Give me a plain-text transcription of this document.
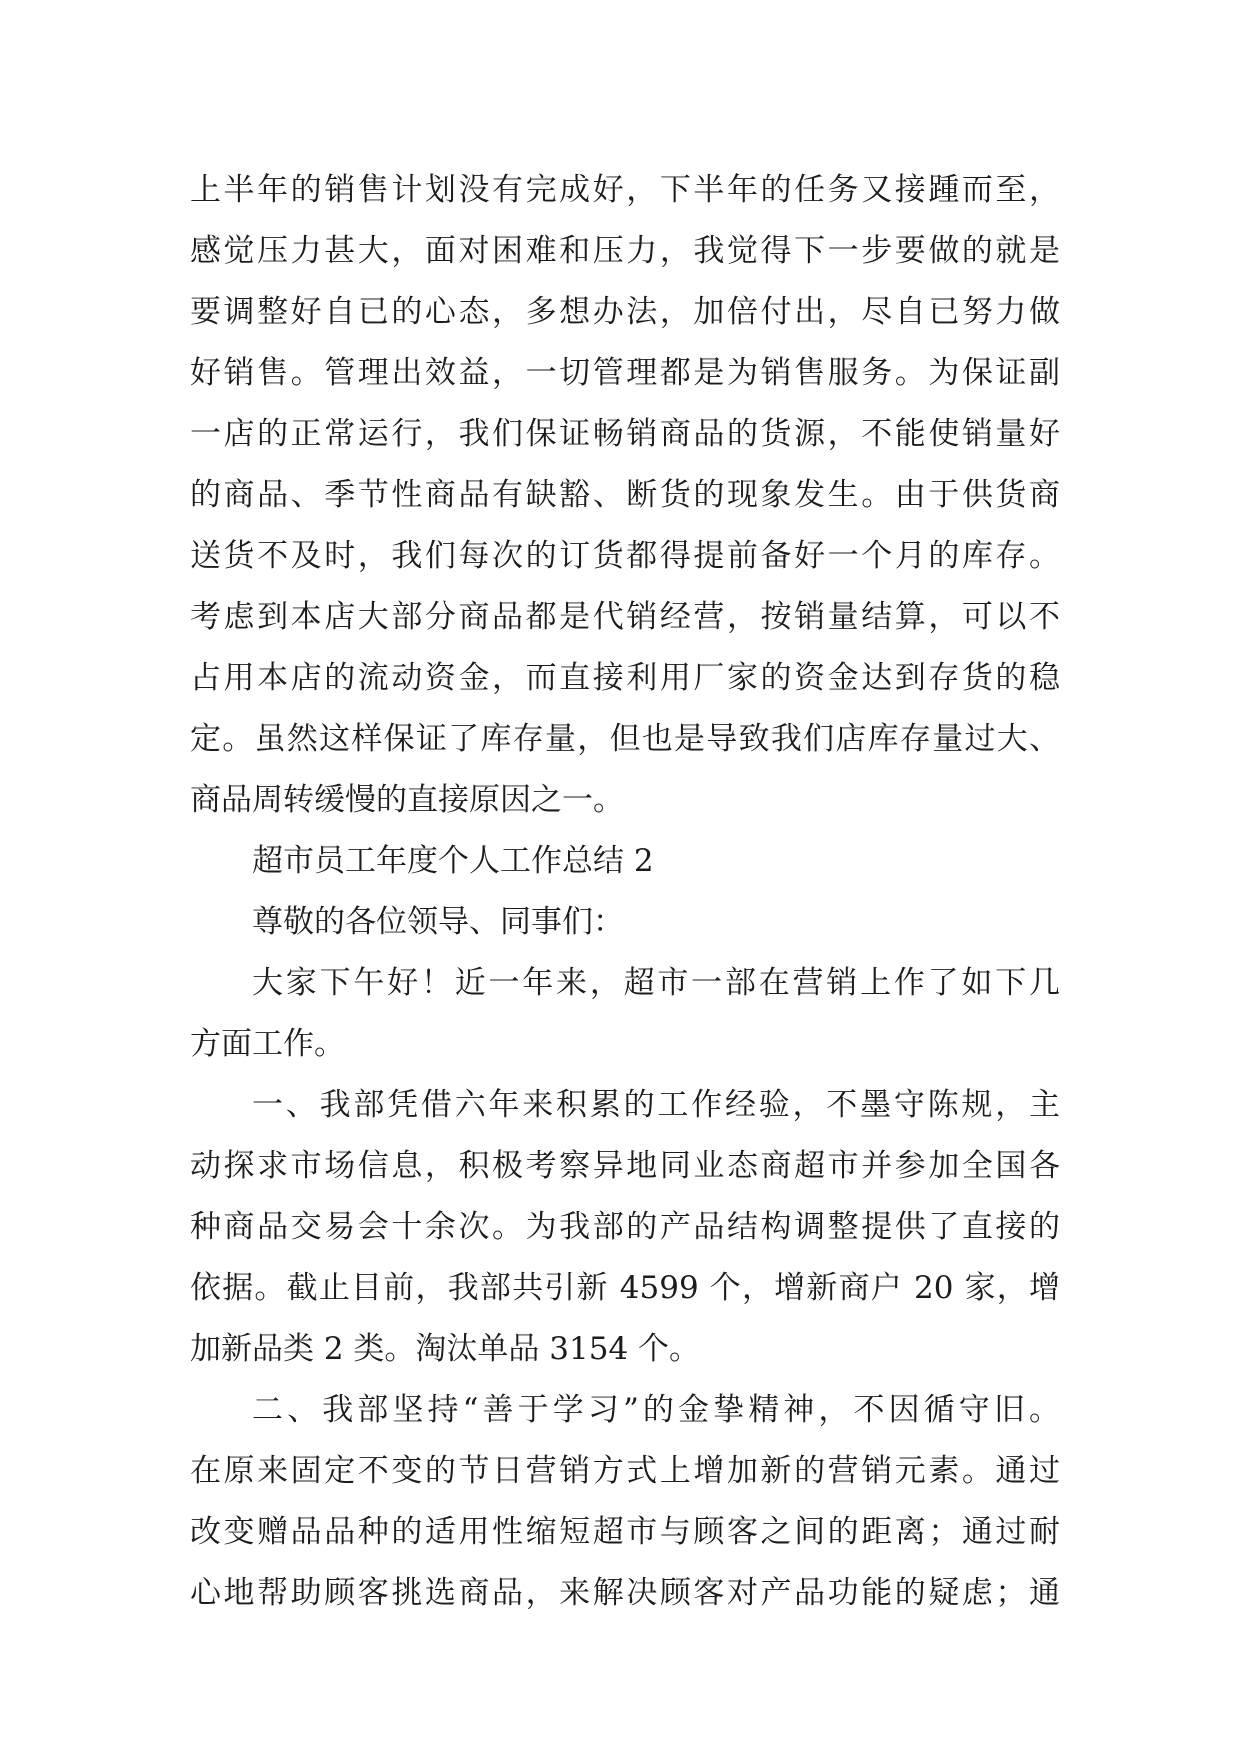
上半年的销售计划没有完成好，下半年的任务又接踵而至，
感觉压力甚大，面对困难和压力，我觉得下一步要做的就是
要调整好自已的心态，多想办法，加倍付出，尽自已努力做
好销售。管理出效益，一切管理都是为销售服务。为保证副
一店的正常运行，我们保证畅销商品的货源，不能使销量好
的商品、季节性商品有缺豁、断货的现象发生。由于供货商
送货不及时，我们每次的订货都得提前备好一个月的库存。
考虑到本店大部分商品都是代销经营，按销量结算，可以不
占用本店的流动资金，而直接利用厂家的资金达到存货的稳
定。虽然这样保证了库存量，但也是导致我们店库存量过大、
商品周转缓慢的直接原因之一。
超市员工年度个人工作总结 2
尊敬的各位领导、同事们：
大家下午好！近一年来，超市一部在营销上作了如下几
方面工作。
一、我部凭借六年来积累的工作经验，不墨守陈规，主
动探求市场信息，积极考察异地同业态商超市并参加全国各
种商品交易会十余次。为我部的产品结构调整提供了直接的
依据。截止目前，我部共引新 4599 个，增新商户 20 家，增
加新品类 2 类。淘汰单品 3154 个。
二、我部坚持“善于学习”的金挚精神，不因循守旧。
在原来固定不变的节日营销方式上增加新的营销元素。通过
改变赠品品种的适用性缩短超市与顾客之间的距离；通过耐
心地帮助顾客挑选商品，来解决顾客对产品功能的疑虑；通
